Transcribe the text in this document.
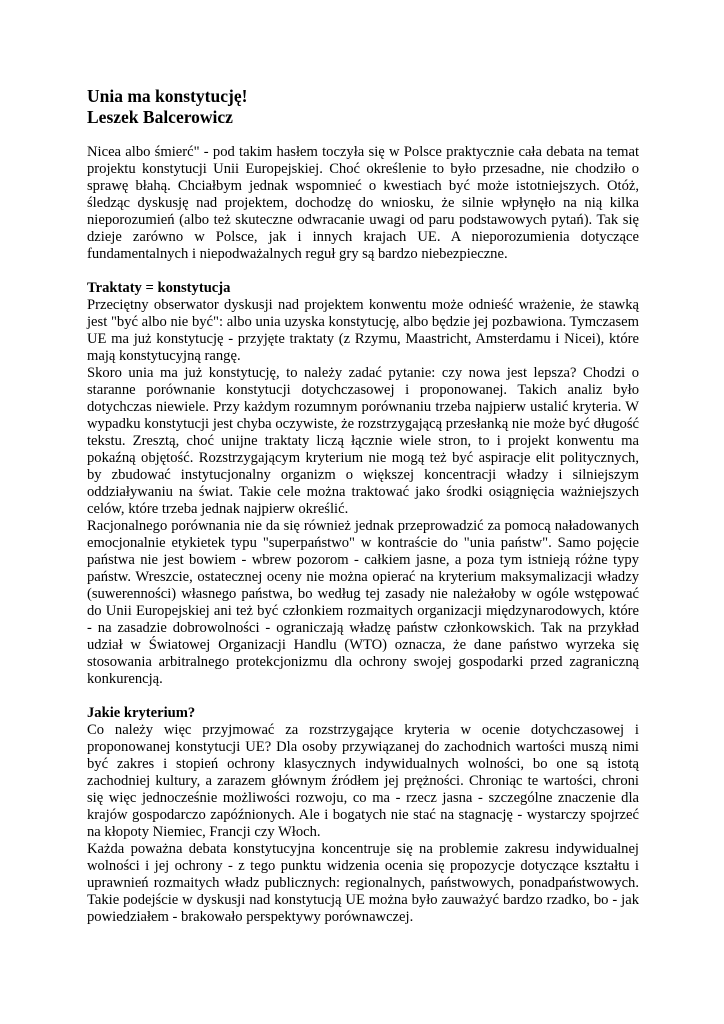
Unia ma konstytucję!
Leszek Balcerowicz

Nicea albo śmierć" - pod takim hasłem toczyła się w Polsce praktycznie cała debata na temat projektu konstytucji Unii Europejskiej. Choć określenie to było przesadne, nie chodziło o sprawę błahą. Chciałbym jednak wspomnieć o kwestiach być może istotniejszych. Otóż, śledząc dyskusję nad projektem, dochodzę do wniosku, że silnie wpłynęło na nią kilka nieporozumień (albo też skuteczne odwracanie uwagi od paru podstawowych pytań). Tak się dzieje zarówno w Polsce, jak i innych krajach UE. A nieporozumienia dotyczące fundamentalnych i niepodważalnych reguł gry są bardzo niebezpieczne.

Traktaty = konstytucja

Przeciętny obserwator dyskusji nad projektem konwentu może odnieść wrażenie, że stawką jest "być albo nie być": albo unia uzyska konstytucję, albo będzie jej pozbawiona. Tymczasem UE ma już konstytucję - przyjęte traktaty (z Rzymu, Maastricht, Amsterdamu i Nicei), które mają konstytucyjną rangę.

Skoro unia ma już konstytucję, to należy zadać pytanie: czy nowa jest lepsza? Chodzi o staranne porównanie konstytucji dotychczasowej i proponowanej. Takich analiz było dotychczas niewiele. Przy każdym rozumnym porównaniu trzeba najpierw ustalić kryteria. W wypadku konstytucji jest chyba oczywiste, że rozstrzygającą przesłanką nie może być długość tekstu. Zresztą, choć unijne traktaty liczą łącznie wiele stron, to i projekt konwentu ma pokaźną objętość. Rozstrzygającym kryterium nie mogą też być aspiracje elit politycznych, by zbudować instytucjonalny organizm o większej koncentracji władzy i silniejszym oddziaływaniu na świat. Takie cele można traktować jako środki osiągnięcia ważniejszych celów, które trzeba jednak najpierw określić.

Racjonalnego porównania nie da się również jednak przeprowadzić za pomocą naładowanych emocjonalnie etykietek typu "superpaństwo" w kontraście do "unia państw". Samo pojęcie państwa nie jest bowiem - wbrew pozorom - całkiem jasne, a poza tym istnieją różne typy państw. Wreszcie, ostatecznej oceny nie można opierać na kryterium maksymalizacji władzy (suwerenności) własnego państwa, bo według tej zasady nie należałoby w ogóle wstępować do Unii Europejskiej ani też być członkiem rozmaitych organizacji międzynarodowych, które - na zasadzie dobrowolności - ograniczają władzę państw członkowskich. Tak na przykład udział w Światowej Organizacji Handlu (WTO) oznacza, że dane państwo wyrzeka się stosowania arbitralnego protekcjonizmu dla ochrony swojej gospodarki przed zagraniczną konkurencją.

Jakie kryterium?

Co należy więc przyjmować za rozstrzygające kryteria w ocenie dotychczasowej i proponowanej konstytucji UE? Dla osoby przywiązanej do zachodnich wartości muszą nimi być zakres i stopień ochrony klasycznych indywidualnych wolności, bo one są istotą zachodniej kultury, a zarazem głównym źródłem jej prężności. Chroniąc te wartości, chroni się więc jednocześnie możliwości rozwoju, co ma - rzecz jasna - szczególne znaczenie dla krajów gospodarczo zapóźnionych. Ale i bogatych nie stać na stagnację - wystarczy spojrzeć na kłopoty Niemiec, Francji czy Włoch.

Każda poważna debata konstytucyjna koncentruje się na problemie zakresu indywidualnej wolności i jej ochrony - z tego punktu widzenia ocenia się propozycje dotyczące kształtu i uprawnień rozmaitych władz publicznych: regionalnych, państwowych, ponadpaństwowych. Takie podejście w dyskusji nad konstytucją UE można było zauważyć bardzo rzadko, bo - jak powiedziałem - brakowało perspektywy porównawczej.
